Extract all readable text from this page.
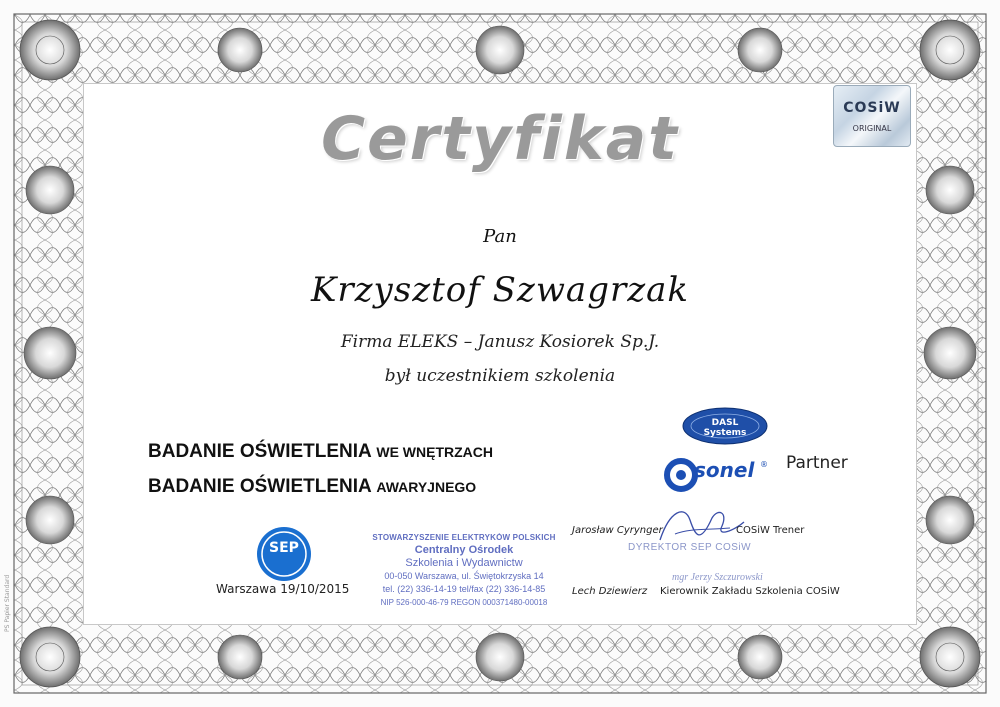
COSiW
ORIGINAL
Certyfikat
Pan
Krzysztof Szwagrzak
Firma ELEKS – Janusz Kosiorek Sp.J.
był uczestnikiem szkolenia
BADANIE OŚWIETLENIA WE WNĘTRZACH
BADANIE OŚWIETLENIA AWARYJNEGO
DASL Systems
sonel ® Partner
SEP
Warszawa 19/10/2015
STOWARZYSZENIE ELEKTRYKÓW POLSKICH
Centralny Ośrodek
Szkolenia i Wydawnictw
00-050 Warszawa, ul. Świętokrzyska 14
tel. (22) 336-14-19 tel/fax (22) 336-14-85
NIP 526-000-46-79 REGON 000371480-00018
Jarosław Cyrynger	COSiW Trener
DYREKTOR SEP COSiW
mgr Jerzy Szczurowski
Lech Dziewierz Kierownik Zakładu Szkolenia COSiW
PS Papier Standard
